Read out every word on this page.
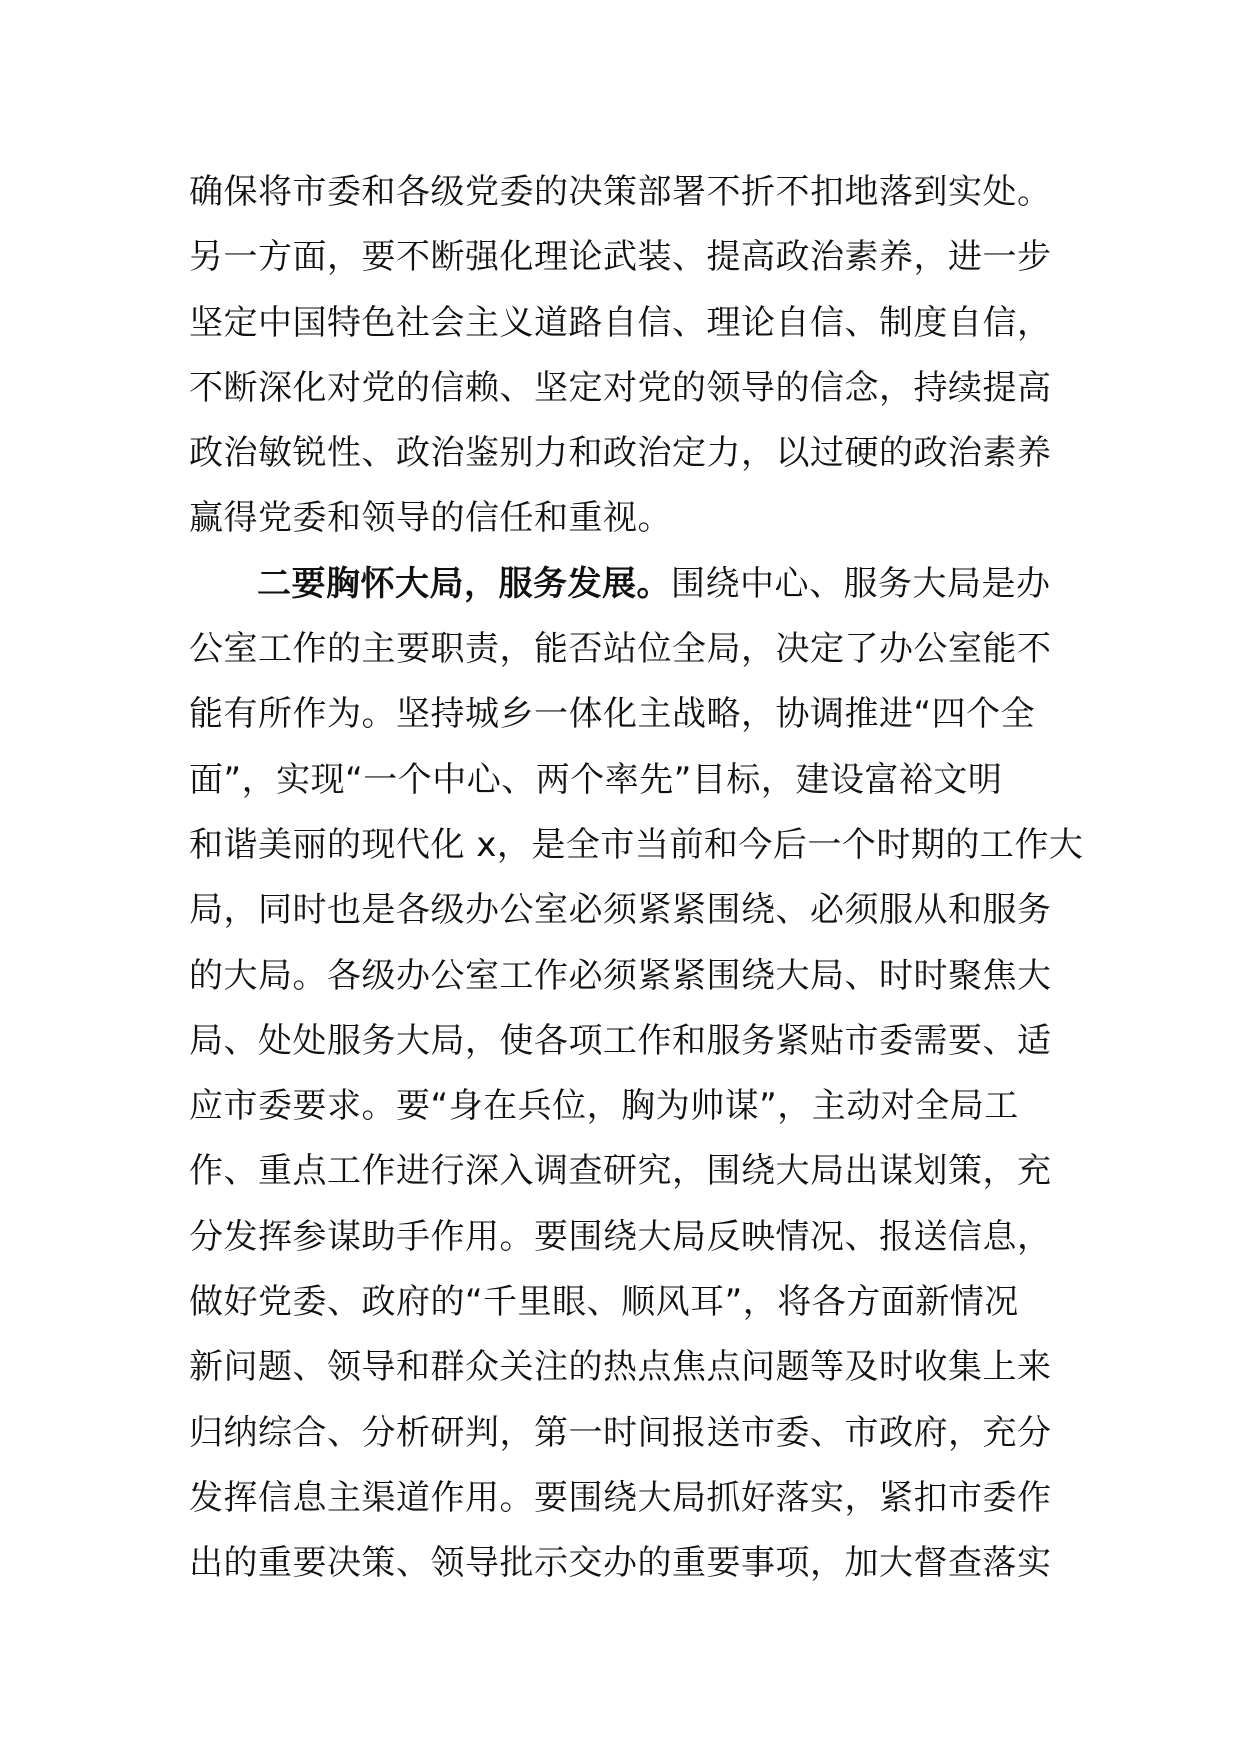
确保将市委和各级党委的决策部署不折不扣地落到实处。
另一方面，要不断强化理论武装、提高政治素养，进一步
坚定中国特色社会主义道路自信、理论自信、制度自信，
不断深化对党的信赖、坚定对党的领导的信念，持续提高
政治敏锐性、政治鉴别力和政治定力，以过硬的政治素养
赢得党委和领导的信任和重视。
二要胸怀大局，服务发展。围绕中心、服务大局是办
公室工作的主要职责，能否站位全局，决定了办公室能不
能有所作为。坚持城乡一体化主战略，协调推进“四个全
面”，实现“一个中心、两个率先”目标，建设富裕文明
和谐美丽的现代化 x，是全市当前和今后一个时期的工作大
局，同时也是各级办公室必须紧紧围绕、必须服从和服务
的大局。各级办公室工作必须紧紧围绕大局、时时聚焦大
局、处处服务大局，使各项工作和服务紧贴市委需要、适
应市委要求。要“身在兵位，胸为帅谋”，主动对全局工
作、重点工作进行深入调查研究，围绕大局出谋划策，充
分发挥参谋助手作用。要围绕大局反映情况、报送信息，
做好党委、政府的“千里眼、顺风耳”，将各方面新情况
新问题、领导和群众关注的热点焦点问题等及时收集上来
归纳综合、分析研判，第一时间报送市委、市政府，充分
发挥信息主渠道作用。要围绕大局抓好落实，紧扣市委作
出的重要决策、领导批示交办的重要事项，加大督查落实
